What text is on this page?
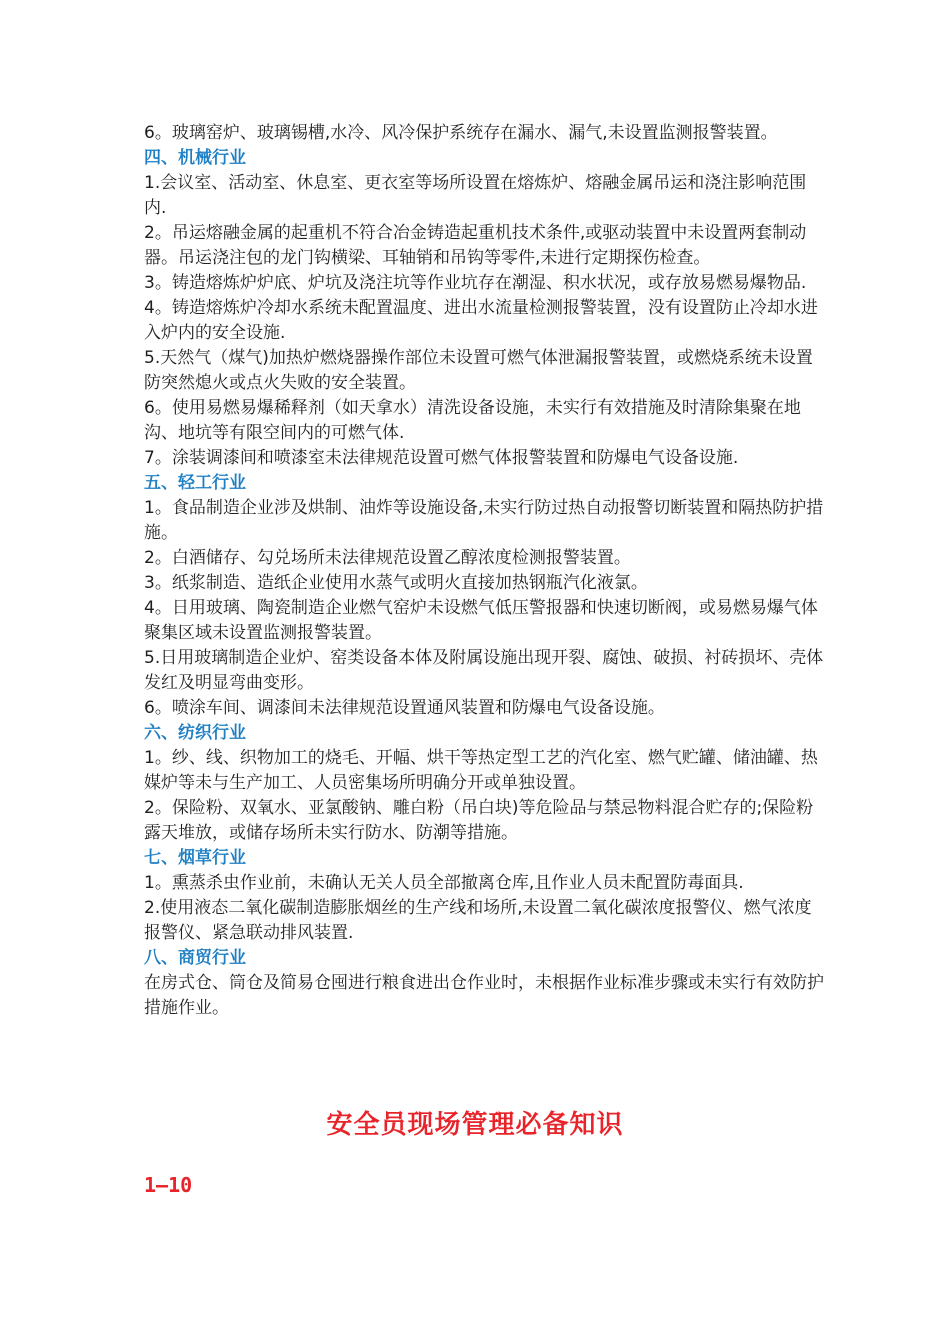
6。玻璃窑炉、玻璃锡槽,水冷、风冷保护系统存在漏水、漏气,未设置监测报警装置。

四、机械行业

1.会议室、活动室、休息室、更衣室等场所设置在熔炼炉、熔融金属吊运和浇注影响范围内.

2。吊运熔融金属的起重机不符合冶金铸造起重机技术条件,或驱动装置中未设置两套制动器。吊运浇注包的龙门钩横梁、耳轴销和吊钩等零件,未进行定期探伤检查。

3。铸造熔炼炉炉底、炉坑及浇注坑等作业坑存在潮湿、积水状况，或存放易燃易爆物品.

4。铸造熔炼炉冷却水系统未配置温度、进出水流量检测报警装置，没有设置防止冷却水进入炉内的安全设施.

5.天然气（煤气)加热炉燃烧器操作部位未设置可燃气体泄漏报警装置，或燃烧系统未设置防突然熄火或点火失败的安全装置。

6。使用易燃易爆稀释剂（如天拿水）清洗设备设施，未实行有效措施及时清除集聚在地沟、地坑等有限空间内的可燃气体.

7。涂装调漆间和喷漆室未法律规范设置可燃气体报警装置和防爆电气设备设施.

五、轻工行业

1。食品制造企业涉及烘制、油炸等设施设备,未实行防过热自动报警切断装置和隔热防护措施。

2。白酒储存、勾兑场所未法律规范设置乙醇浓度检测报警装置。

3。纸浆制造、造纸企业使用水蒸气或明火直接加热钢瓶汽化液氯。

4。日用玻璃、陶瓷制造企业燃气窑炉未设燃气低压警报器和快速切断阀，或易燃易爆气体聚集区域未设置监测报警装置。

5.日用玻璃制造企业炉、窑类设备本体及附属设施出现开裂、腐蚀、破损、衬砖损坏、壳体发红及明显弯曲变形。

6。喷涂车间、调漆间未法律规范设置通风装置和防爆电气设备设施。

六、纺织行业

1。纱、线、织物加工的烧毛、开幅、烘干等热定型工艺的汽化室、燃气贮罐、储油罐、热媒炉等未与生产加工、人员密集场所明确分开或单独设置。

2。保险粉、双氧水、亚氯酸钠、雕白粉（吊白块)等危险品与禁忌物料混合贮存的;保险粉露天堆放，或储存场所未实行防水、防潮等措施。

七、烟草行业

1。熏蒸杀虫作业前，未确认无关人员全部撤离仓库,且作业人员未配置防毒面具.

2.使用液态二氧化碳制造膨胀烟丝的生产线和场所,未设置二氧化碳浓度报警仪、燃气浓度报警仪、紧急联动排风装置.

八、商贸行业

在房式仓、筒仓及简易仓囤进行粮食进出仓作业时，未根据作业标准步骤或未实行有效防护措施作业。

安全员现场管理必备知识
1—10
